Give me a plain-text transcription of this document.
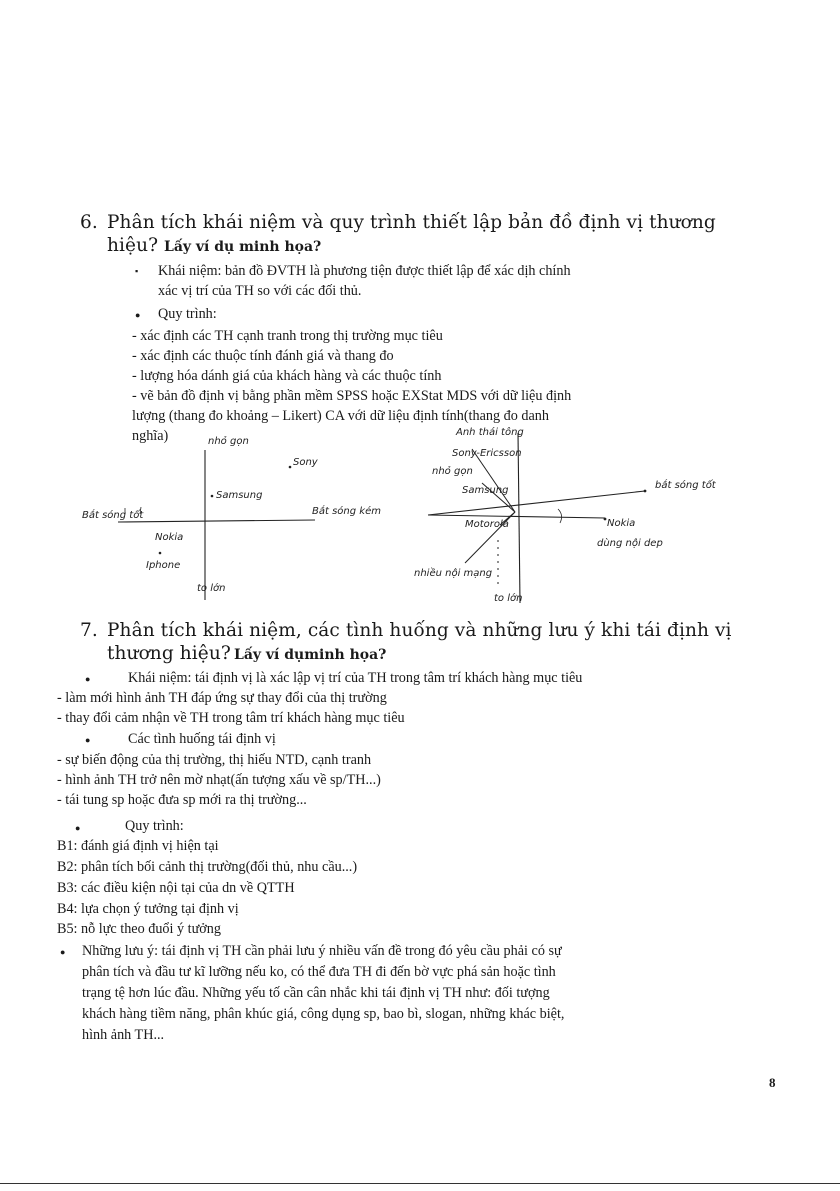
6. Phân tích khái niệm và quy trình thiết lập bản đồ định vị thương
hiệu? Lấy ví dụ minh họa?
▪ Khái niệm: bản đồ ĐVTH là phương tiện được thiết lập để xác dịh chính
xác vị trí của TH so với các đối thủ.
● Quy trình:
- xác định các TH cạnh tranh trong thị trường mục tiêu
- xác định các thuộc tính đánh giá và thang đo
- lượng hóa dánh giá của khách hàng và các thuộc tính
- vẽ bản đồ định vị bằng phần mềm SPSS hoặc EXStat MDS với dữ liệu định
lượng (thang đo khoảng – Likert) CA với dữ liệu định tính(thang đo danh
nghĩa)	nhỏ gọn
to lớn
Bắt sóng tốt	Bắt sóng kém
Sony
Samsung
Nokia
Iphone
Anh thái tông
Sony-Ericsson
nhỏ gọn
Samsung
Motorola	Nokia
bắt sóng tốt
dùng nội dep
nhiều nội mạng
to lớn
7. Phân tích khái niệm, các tình huống và những lưu ý khi tái định vị
thương hiệu? Lấy ví dụminh họa?
●	Khái niệm: tái định vị là xác lập vị trí của TH trong tâm trí khách hàng mục tiêu
- làm mới hình ảnh TH đáp ứng sự thay đổi của thị trường
- thay đổi cảm nhận về TH trong tâm trí khách hàng mục tiêu
●	Các tình huống tái định vị
- sự biến động của thị trường, thị hiếu NTD, cạnh tranh
- hình ảnh TH trở nên mờ nhạt(ấn tượng xấu về sp/TH...)
- tái tung sp hoặc đưa sp mới ra thị trường...
●	Quy trình:
B1: đánh giá định vị hiện tại
B2: phân tích bối cảnh thị trường(đối thủ, nhu cầu...)
B3: các điều kiện nội tại của dn về QTTH
B4: lựa chọn ý tưởng tại định vị
B5: nỗ lực theo đuổi ý tưởng
● Những lưu ý: tái định vị TH cần phải lưu ý nhiều vấn đề trong đó yêu cầu phải có sự
phân tích và đầu tư kĩ lưỡng nếu ko, có thể đưa TH đi đến bờ vực phá sản hoặc tình
trạng tệ hơn lúc đầu. Những yếu tố cần cân nhắc khi tái định vị TH như: đối tượng
khách hàng tiềm năng, phân khúc giá, công dụng sp, bao bì, slogan, những khác biệt,
hình ảnh TH...
8
